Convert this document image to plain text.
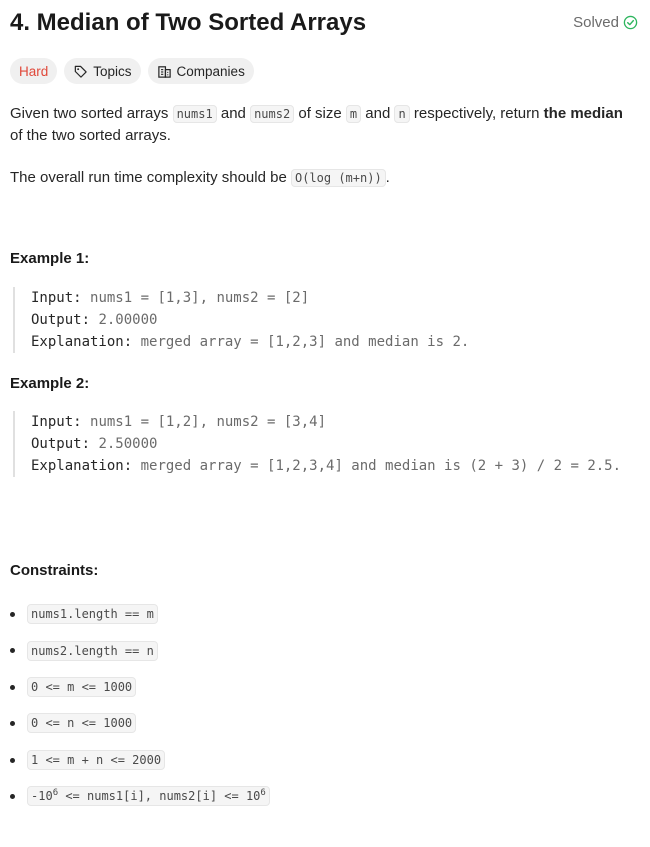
4. Median of Two Sorted Arrays	Solved
Hard	Topics	Companies
Given two sorted arrays nums1 and nums2 of size m and n respectively, return the median of the two sorted arrays.
The overall run time complexity should be O(log (m+n)) .
Example 1:
Input: nums1 = [1,3], nums2 = [2]
Output: 2.00000
Explanation: merged array = [1,2,3] and median is 2.
Example 2:
Input: nums1 = [1,2], nums2 = [3,4]
Output: 2.50000
Explanation: merged array = [1,2,3,4] and median is (2 + 3) / 2 = 2.5.
Constraints:
nums1.length == m
nums2.length == n
0 <= m <= 1000
0 <= n <= 1000
1 <= m + n <= 2000
$-10^6$ <= nums1[i], nums2[i] <= $10^6$
